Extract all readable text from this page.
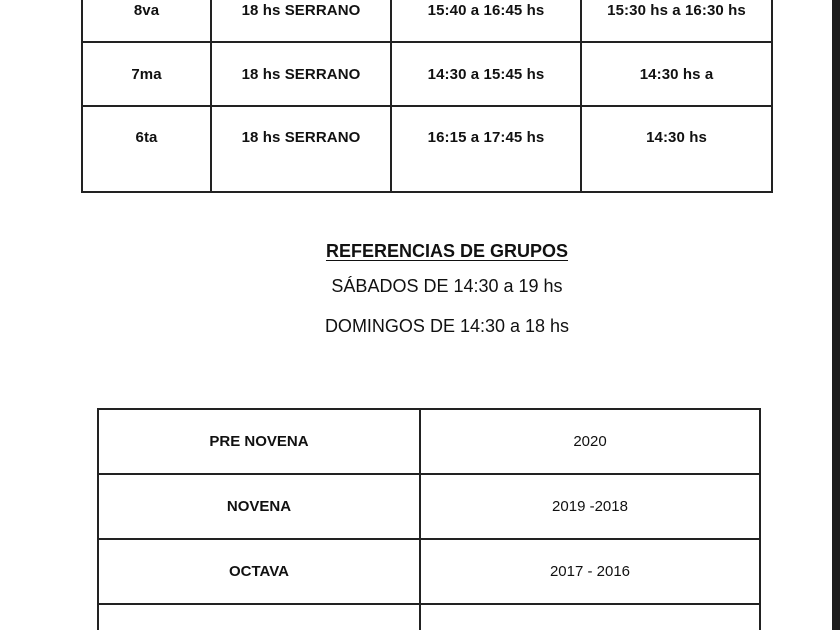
8va	18 hs SERRANO	15:40 a 16:45 hs	15:30 hs a 16:30 hs
7ma	18 hs SERRANO	14:30 a 15:45 hs	14:30 hs a
6ta	18 hs SERRANO	16:15 a 17:45 hs	14:30 hs

REFERENCIAS DE GRUPOS

SÁBADOS DE 14:30 a 19 hs

DOMINGOS DE 14:30 a 18 hs

PRE NOVENA	2020
NOVENA	2019 -2018
OCTAVA	2017 - 2016
